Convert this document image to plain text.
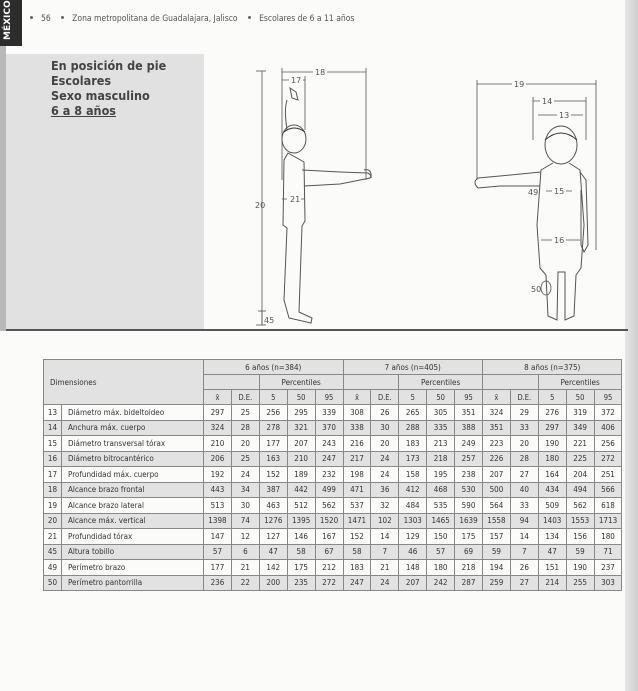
MÉXICO	56	Zona metropolitana de Guadalajara, Jalisco	Escolares de 6 a 11 años
En posición de pie
Escolares
Sexo masculino
6 a 8 años
18
17
21
20
45
19
14
13
15
49
16
50
Dimensiones		6 años (n=384)					7 años (n=405)					8 años (n=375)				
				Percentiles					Percentiles					Percentiles		
		x̄	D.E.	5	50	95	x̄	D.E.	5	50	95	x̄	D.E.	5	50	95
13	Diámetro máx. bideltoideo	297	25	256	295	339	308	26	265	305	351	324	29	276	319	372
14	Anchura máx. cuerpo	324	28	278	321	370	338	30	288	335	388	351	33	297	349	406
15	Diámetro transversal tórax	210	20	177	207	243	216	20	183	213	249	223	20	190	221	256
16	Diámetro bitrocantérico	206	25	163	210	247	217	24	173	218	257	226	28	180	225	272
17	Profundidad máx. cuerpo	192	24	152	189	232	198	24	158	195	238	207	27	164	204	251
18	Alcance brazo frontal	443	34	387	442	499	471	36	412	468	530	500	40	434	494	566
19	Alcance brazo lateral	513	30	463	512	562	537	32	484	535	590	564	33	509	562	618
20	Alcance máx. vertical	1398	74	1276	1395	1520	1471	102	1303	1465	1639	1558	94	1403	1553	1713
21	Profundidad tórax	147	12	127	146	167	152	14	129	150	175	157	14	134	156	180
45	Altura tobillo	57	6	47	58	67	58	7	46	57	69	59	7	47	59	71
49	Perímetro brazo	177	21	142	175	212	183	21	148	180	218	194	26	151	190	237
50	Perímetro pantorrilla	236	22	200	235	272	247	24	207	242	287	259	27	214	255	303
